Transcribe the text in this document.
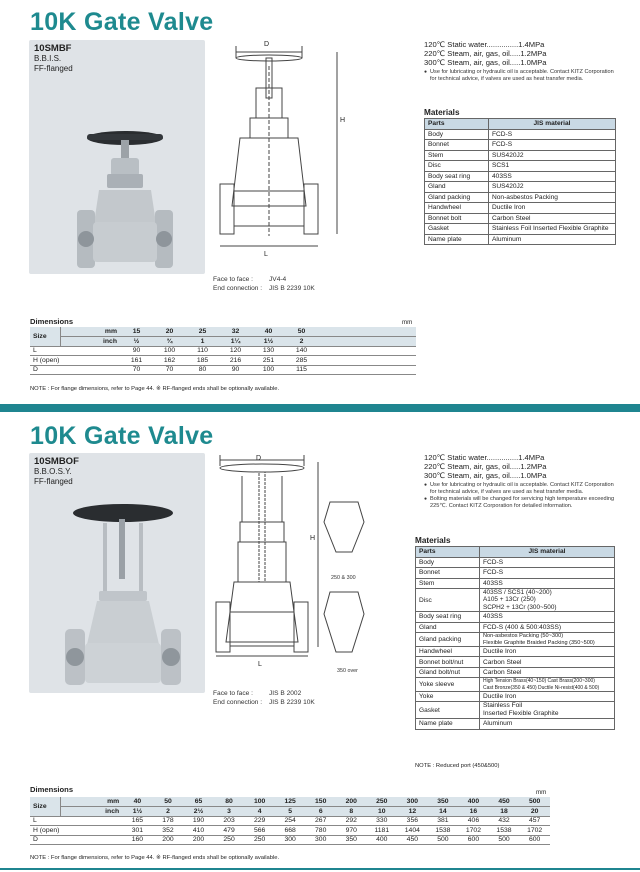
10K Gate Valve
10SMBF
B.B.I.S.
FF-flanged
D
L
H
Face to face :	JV4-4
End connection :	JIS B 2239 10K
120℃ Static water...............1.4MPa
220℃ Steam, air, gas, oil.....1.2MPa
300℃ Steam, air, gas, oil.....1.0MPa
● Use for lubricating or hydraulic oil is acceptable. Contact KITZ Corporation for technical advice, if valves are used as heat transfer media.
Materials
Parts	JIS material
Body	FCD-S
Bonnet	FCD-S
Stem	SUS420J2
Disc	SCS1
Body seat ring	403SS
Gland	SUS420J2
Gland packing	Non-asbestos Packing
Handwheel	Ductile Iron
Bonnet bolt	Carbon Steel
Gasket	Stainless Foil Inserted Flexible Graphite
Name plate	Aluminum
Dimensions	mm
Size	mm	15	20	25	32	40	50	
	inch	½	¾	1	1¼	1½	2	
L		90	100	110	120	130	140	
H (open)		161	162	185	216	251	285	
D		70	70	80	90	100	115	
NOTE : For flange dimensions, refer to Page 44. ※ RF-flanged ends shall be optionally available.
10K Gate Valve
10SMBOF
B.B.O.S.Y.
FF-flanged
D
L
H
250 & 300
350 over
Face to face :	JIS B 2002
End connection :	JIS B 2239 10K
120℃ Static water...............1.4MPa
220℃ Steam, air, gas, oil.....1.2MPa
300℃ Steam, air, gas, oil.....1.0MPa
● Use for lubricating or hydraulic oil is acceptable. Contact KITZ Corporation for technical advice, if valves are used as heat transfer media.
● Bolting materials will be changed for servicing high temperature exceeding 225℃. Contact KITZ Corporation for detailed information.
Materials
Parts	JIS material
Body	FCD-S
Bonnet	FCD-S
Stem	403SS
Disc	403SS / SCS1 (40~200)
A105 + 13Cr (250)
SCPH2 + 13Cr (300~500)
Body seat ring	403SS
Gland	FCD-S (400 & 500:403SS)
Gland packing	Non-asbestos Packing (50~300)
Flexible Graphite Braided Packing (350~500)
Handwheel	Ductile Iron
Bonnet bolt/nut	Carbon Steel
Gland bolt/nut	Carbon Steel
Yoke sleeve	High Tension Brass(40~150) Cast Brass(200~300)
Cast Bronze(350 & 450) Ductile Ni-resist(400 & 500)
Yoke	Ductile Iron
Gasket	Stainless Foil
Inserted Flexible Graphite
Name plate	Aluminum
NOTE : Reduced port (450&500)
Dimensions	mm
Size	mm	40	50	65	80	100	125	150	200	250	300	350	400	450	500
	inch	1½	2	2½	3	4	5	6	8	10	12	14	16	18	20
L		165	178	190	203	229	254	267	292	330	356	381	406	432	457
H (open)		301	352	410	479	566	668	780	970	1181	1404	1538	1702	1538	1702
D		160	200	200	250	250	300	300	350	400	450	500	600	500	600
NOTE : For flange dimensions, refer to Page 44. ※ RF-flanged ends shall be optionally available.
